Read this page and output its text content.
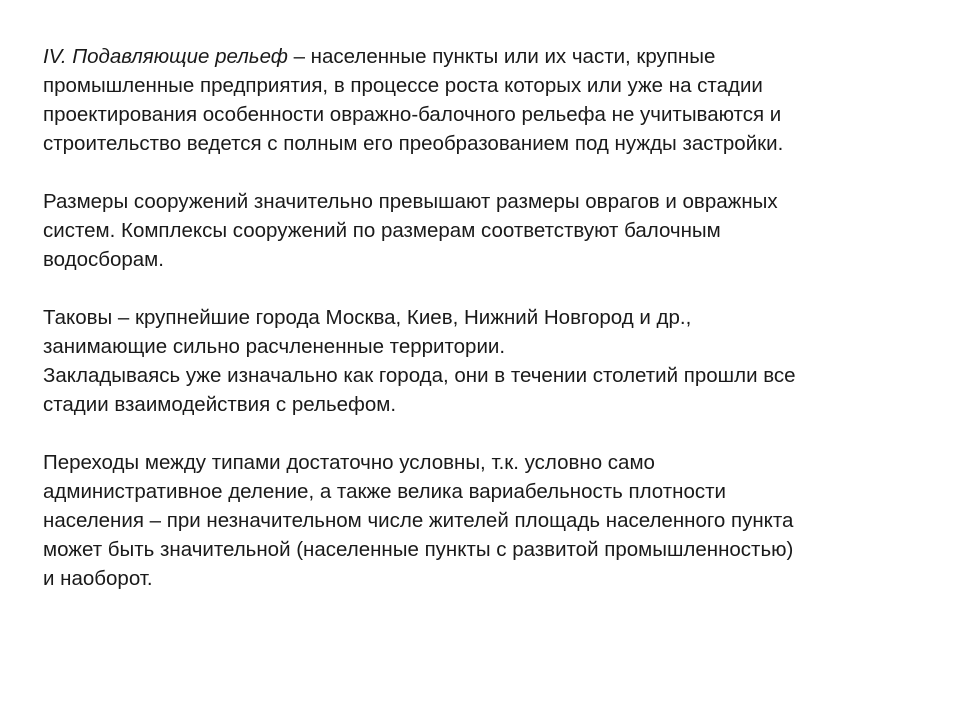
IV. Подавляющие рельеф – населенные пункты или их части, крупные
промышленные предприятия, в процессе роста которых или уже на стадии
проектирования особенности овражно-балочного рельефа не учитываются и
строительство ведется с полным его преобразованием под нужды застройки.

Размеры сооружений значительно превышают размеры оврагов и овражных
систем. Комплексы сооружений по размерам соответствуют балочным
водосборам.

Таковы – крупнейшие города Москва, Киев, Нижний Новгород и др.,
занимающие сильно расчлененные территории.

Закладываясь уже изначально как города, они в течении столетий прошли все
стадии взаимодействия с рельефом.

Переходы между типами достаточно условны, т.к. условно само
административное деление, а также велика вариабельность плотности
населения – при незначительном числе жителей площадь населенного пункта
может быть значительной (населенные пункты с развитой промышленностью)
и наоборот.
